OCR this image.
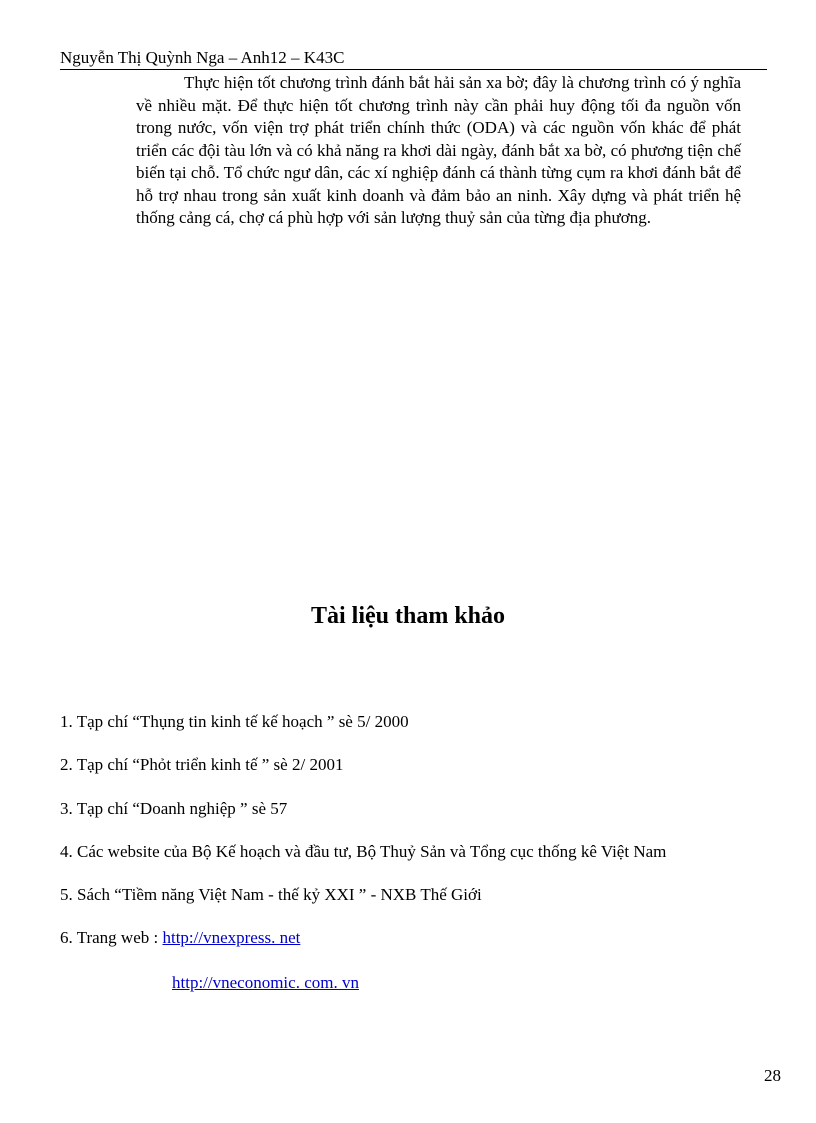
Nguyễn Thị Quỳnh Nga – Anh12 – K43C

Thực hiện tốt chương trình đánh bắt hải sản xa bờ; đây là chương trình có ý nghĩa về nhiều mặt. Để thực hiện tốt chương trình này cần phải huy động tối đa nguồn vốn trong nước, vốn viện trợ phát triển chính thức (ODA) và các nguồn vốn khác để phát triển các đội tàu lớn và có khả năng ra khơi dài ngày, đánh bắt xa bờ, có phương tiện chế biến tại chỗ. Tổ chức ngư dân, các xí nghiệp đánh cá thành từng cụm ra khơi đánh bắt để hỗ trợ nhau trong sản xuất kinh doanh và đảm bảo an ninh. Xây dựng và phát triển hệ thống cảng cá, chợ cá phù hợp với sản lượng thuỷ sản của từng địa phương.

Tài liệu tham khảo
1. Tạp chí “Thụng tin kinh tế kế hoạch ” sè 5/ 2000
2. Tạp chí “Phỏt triển kinh tế ” sè 2/ 2001
3. Tạp chí “Doanh nghiệp ” sè 57
4. Các website của Bộ Kế hoạch và đầu tư, Bộ Thuỷ Sản và Tổng cục thống kê Việt Nam
5. Sách “Tiềm năng Việt Nam - thế kỷ XXI ” - NXB Thế Giới
6. Trang web : http://vnexpress. net
http://vneconomic. com. vn
28
